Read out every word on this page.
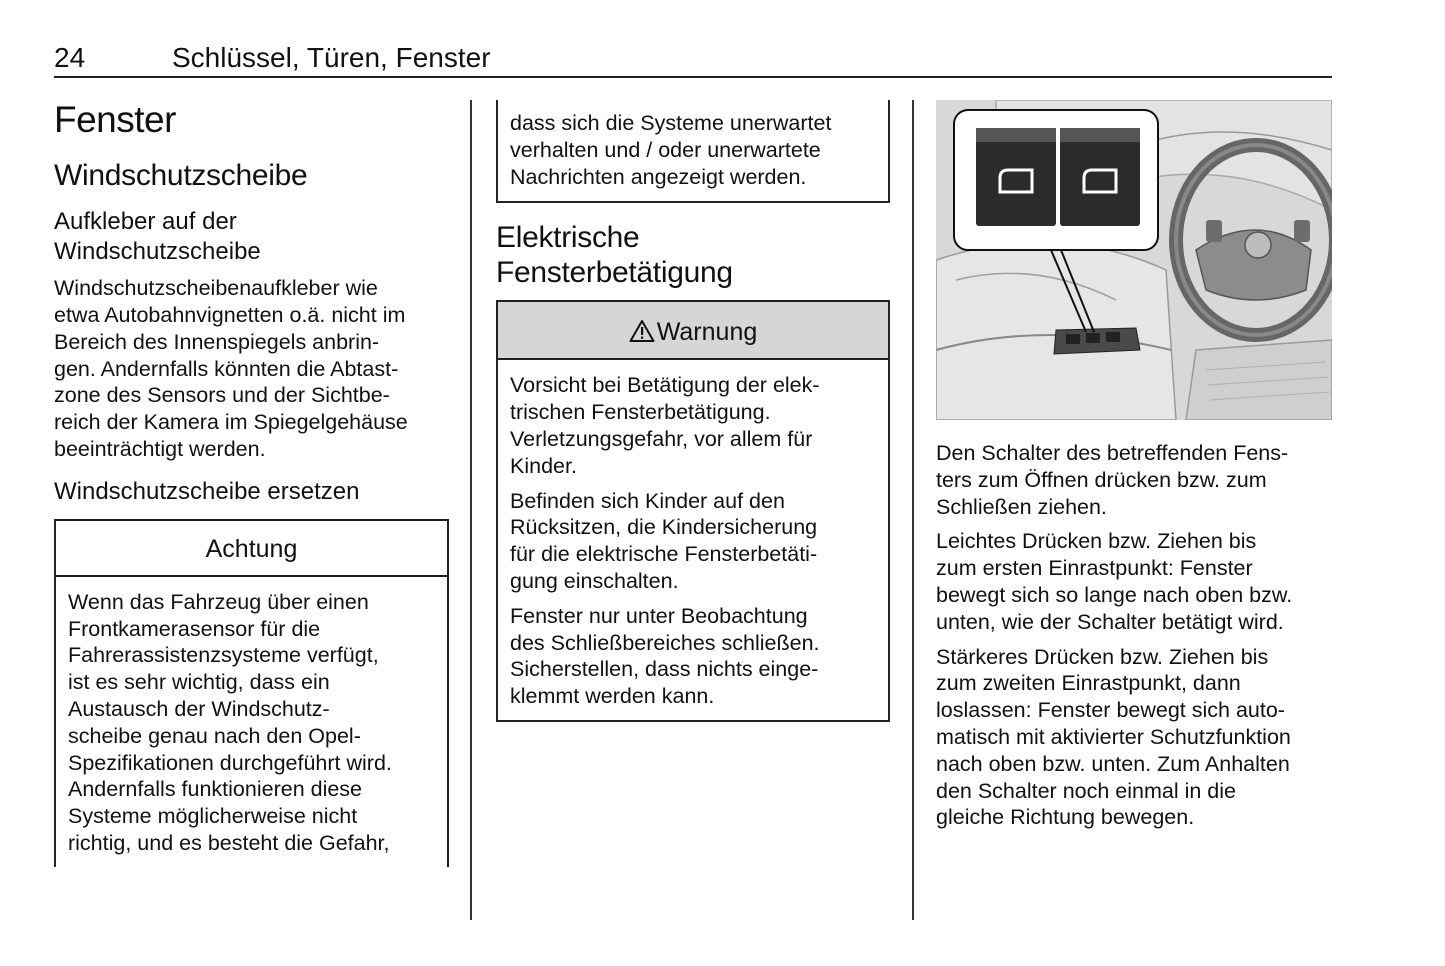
24	Schlüssel, Türen, Fenster
Fenster
Windschutzscheibe
Aufkleber auf der Windschutzscheibe
Windschutzscheibenaufkleber wie
etwa Autobahnvignetten o.ä. nicht im
Bereich des Innenspiegels anbrin-
gen. Andernfalls könnten die Abtast-
zone des Sensors und der Sichtbe-
reich der Kamera im Spiegelgehäuse
beeinträchtigt werden.
Windschutzscheibe ersetzen
Achtung
Wenn das Fahrzeug über einen
Frontkamerasensor für die
Fahrerassistenzsysteme verfügt,
ist es sehr wichtig, dass ein
Austausch der Windschutz-
scheibe genau nach den Opel-
Spezifikationen durchgeführt wird.
Andernfalls funktionieren diese
Systeme möglicherweise nicht
richtig, und es besteht die Gefahr,
dass sich die Systeme unerwartet
verhalten und / oder unerwartete
Nachrichten angezeigt werden.
Elektrische
Fensterbetätigung
Warnung
Vorsicht bei Betätigung der elek-
trischen Fensterbetätigung.
Verletzungsgefahr, vor allem für
Kinder.
Befinden sich Kinder auf den
Rücksitzen, die Kindersicherung
für die elektrische Fensterbetäti-
gung einschalten.
Fenster nur unter Beobachtung
des Schließbereiches schließen.
Sicherstellen, dass nichts einge-
klemmt werden kann.
Den Schalter des betreffenden Fens-
ters zum Öffnen drücken bzw. zum
Schließen ziehen.
Leichtes Drücken bzw. Ziehen bis
zum ersten Einrastpunkt: Fenster
bewegt sich so lange nach oben bzw.
unten, wie der Schalter betätigt wird.
Stärkeres Drücken bzw. Ziehen bis
zum zweiten Einrastpunkt, dann
loslassen: Fenster bewegt sich auto-
matisch mit aktivierter Schutzfunktion
nach oben bzw. unten. Zum Anhalten
den Schalter noch einmal in die
gleiche Richtung bewegen.
